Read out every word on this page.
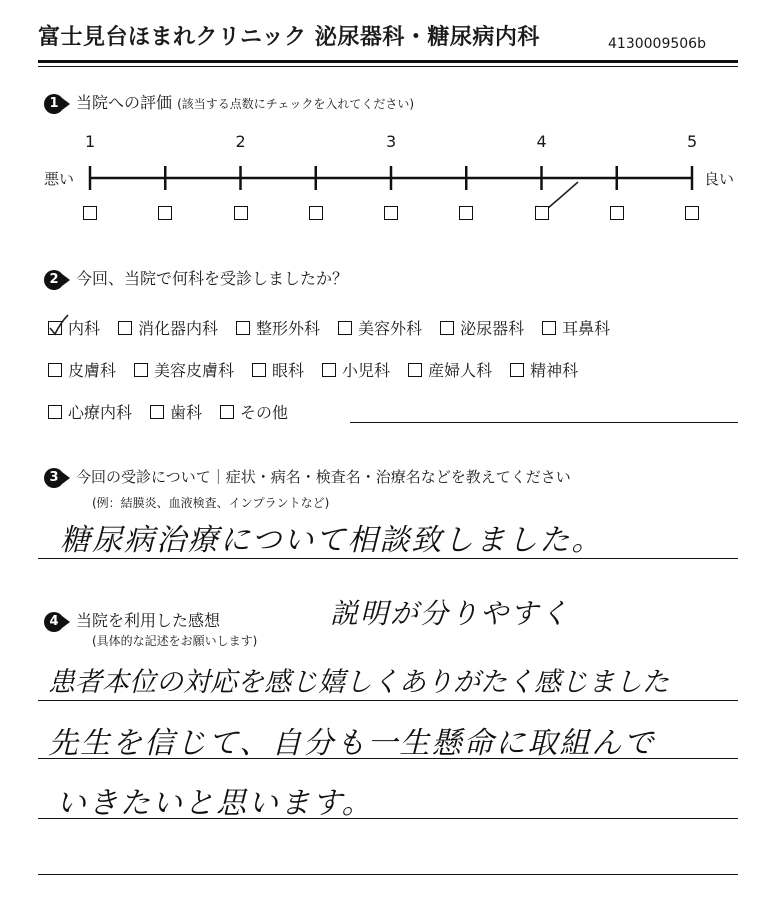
富士見台ほまれクリニック 泌尿器科・糖尿病内科	4130009506b
1 当院への評価 (該当する点数にチェックを入れてください)
1	2	3	4	5
悪い	良い
2 今回、当院で何科を受診しましたか？
内科 消化器内科 整形外科 美容外科 泌尿器科 耳鼻科
皮膚科 美容皮膚科 眼科 小児科 産婦人科 精神科
心療内科 歯科 その他
3 今回の受診について｜症状・病名・検査名・治療名などを教えてください
(例：結膜炎、血液検査、インプラントなど)
糖尿病治療について相談致しました。
4 当院を利用した感想
(具体的な記述をお願いします)
説明が分りやすく
患者本位の対応を感じ嬉しくありがたく感じました
先生を信じて、自分も一生懸命に取組んで
いきたいと思います。
